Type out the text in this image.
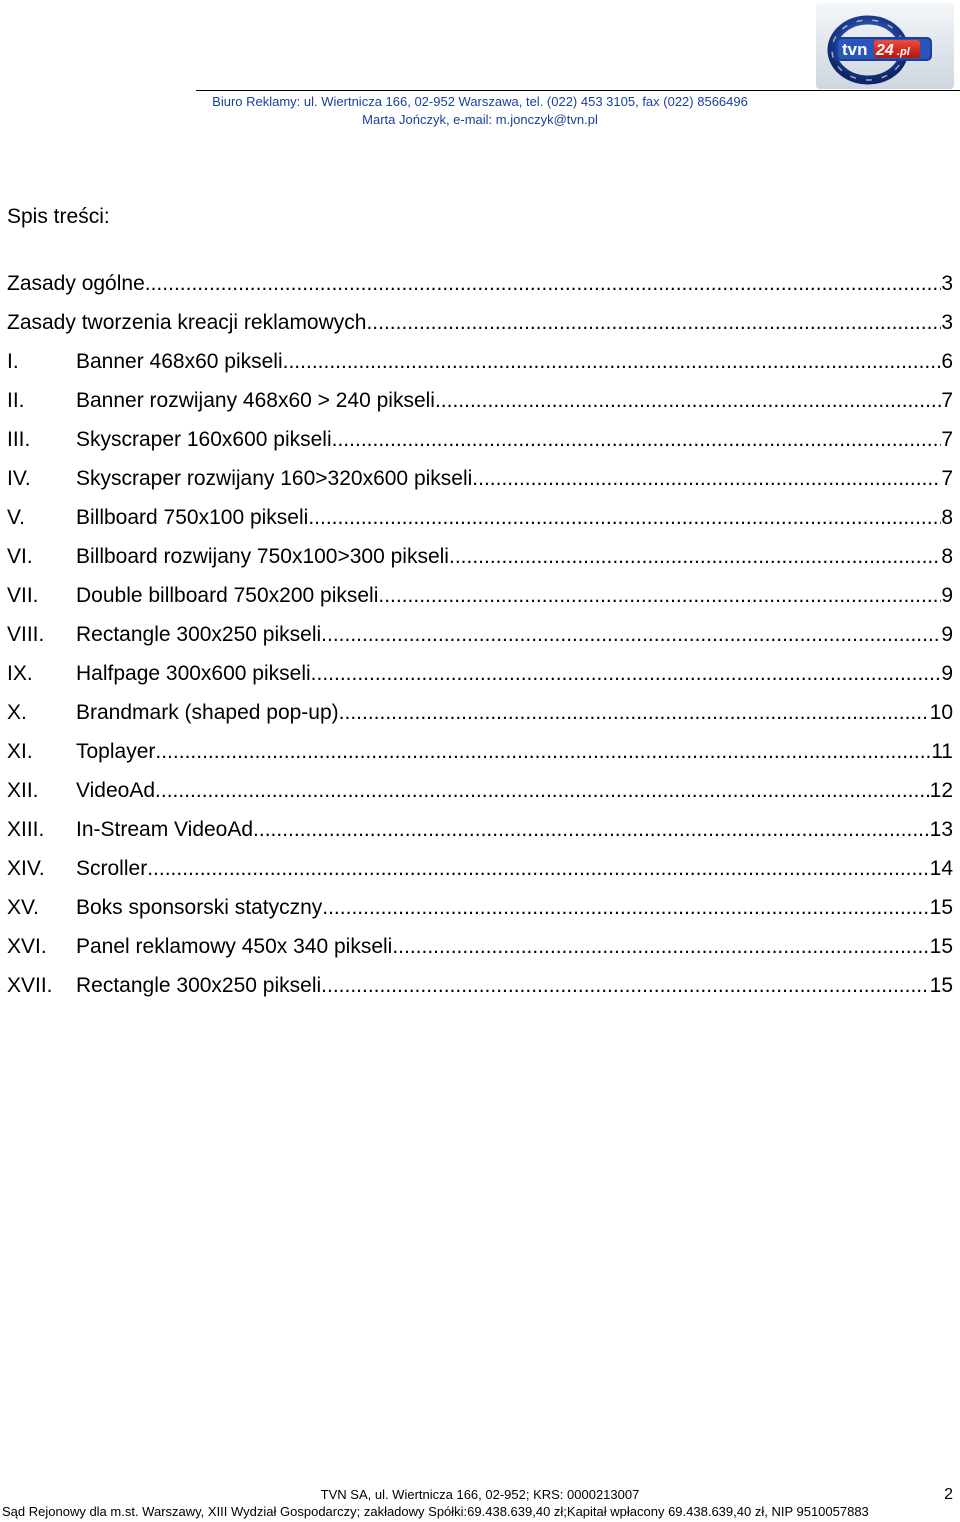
tvn 24 .pl
Biuro Reklamy: ul. Wiertnicza 166, 02-952 Warszawa, tel. (022) 453 3105, fax (022) 8566496
Marta Jończyk, e-mail: m.jonczyk@tvn.pl
Spis treści:
Zasady ogólne .....	3
Zasady tworzenia kreacji reklamowych .....	3
I.	Banner 468x60 pikseli .....	6
II.	Banner rozwijany 468x60 > 240 pikseli .....	7
III.	Skyscraper 160x600 pikseli .....	7
IV.	Skyscraper rozwijany 160>320x600 pikseli .....	7
V.	Billboard 750x100 pikseli .....	8
VI.	Billboard rozwijany 750x100>300 pikseli .....	8
VII.	Double billboard 750x200 pikseli .....	9
VIII.	Rectangle 300x250 pikseli .....	9
IX.	Halfpage 300x600 pikseli .....	9
X.	Brandmark (shaped pop-up) .....	10
XI.	Toplayer .....	11
XII.	VideoAd .....	12
XIII.	In-Stream VideoAd .....	13
XIV.	Scroller .....	14
XV.	Boks sponsorski statyczny .....	15
XVI.	Panel reklamowy 450x 340 pikseli .....	15
XVII.	Rectangle 300x250 pikseli .....	15
TVN SA, ul. Wiertnicza 166, 02-952; KRS: 0000213007
Sąd Rejonowy dla m.st. Warszawy, XIII Wydział Gospodarczy; zakładowy Spółki:69.438.639,40 zł;Kapitał wpłacony 69.438.639,40 zł, NIP 9510057883
2
